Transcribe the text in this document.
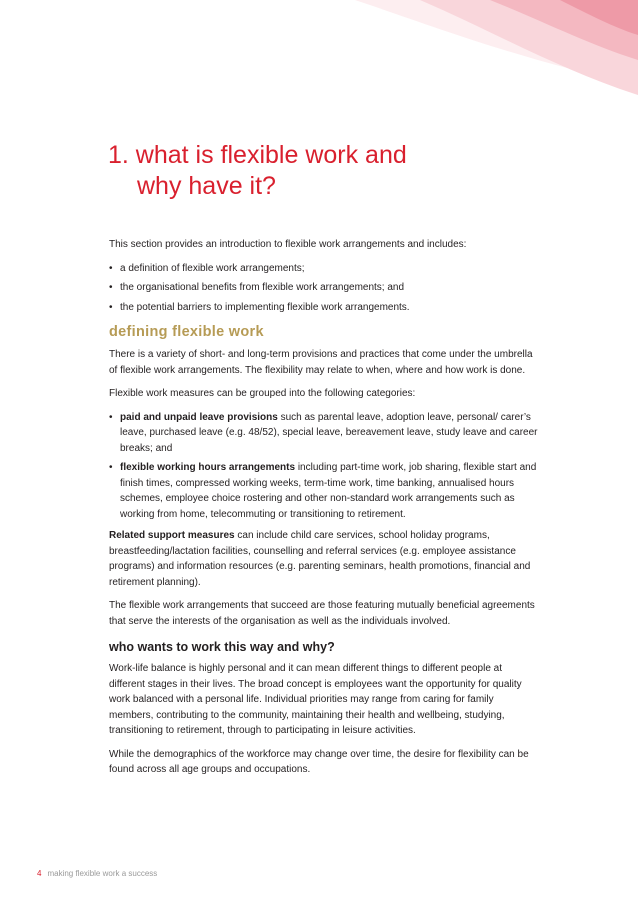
1. what is flexible work and
why have it?

This section provides an introduction to flexible work arrangements and includes:

• a definition of flexible work arrangements;
• the organisational benefits from flexible work arrangements; and
• the potential barriers to implementing flexible work arrangements.
defining flexible work

There is a variety of short- and long-term provisions and practices that come under the umbrella of flexible work arrangements. The flexibility may relate to when, where and how work is done.

Flexible work measures can be grouped into the following categories:

• paid and unpaid leave provisions such as parental leave, adoption leave, personal/ carer’s leave, purchased leave (e.g. 48/52), special leave, bereavement leave, study leave and career breaks; and
• flexible working hours arrangements including part-time work, job sharing, flexible start and finish times, compressed working weeks, term-time work, time banking, annualised hours schemes, employee choice rostering and other non-standard work arrangements such as working from home, telecommuting or transitioning to retirement.

Related support measures can include child care services, school holiday programs, breastfeeding/lactation facilities, counselling and referral services (e.g. employee assistance programs) and information resources (e.g. parenting seminars, health promotions, financial and retirement planning).

The flexible work arrangements that succeed are those featuring mutually beneficial agreements that serve the interests of the organisation as well as the individuals involved.

who wants to work this way and why?

Work-life balance is highly personal and it can mean different things to different people at different stages in their lives. The broad concept is employees want the opportunity for quality work balanced with a personal life. Individual priorities may range from caring for family members, contributing to the community, maintaining their health and wellbeing, studying, transitioning to retirement, through to participating in leisure activities.

While the demographics of the workforce may change over time, the desire for flexibility can be found across all age groups and occupations.

4 making flexible work a success
